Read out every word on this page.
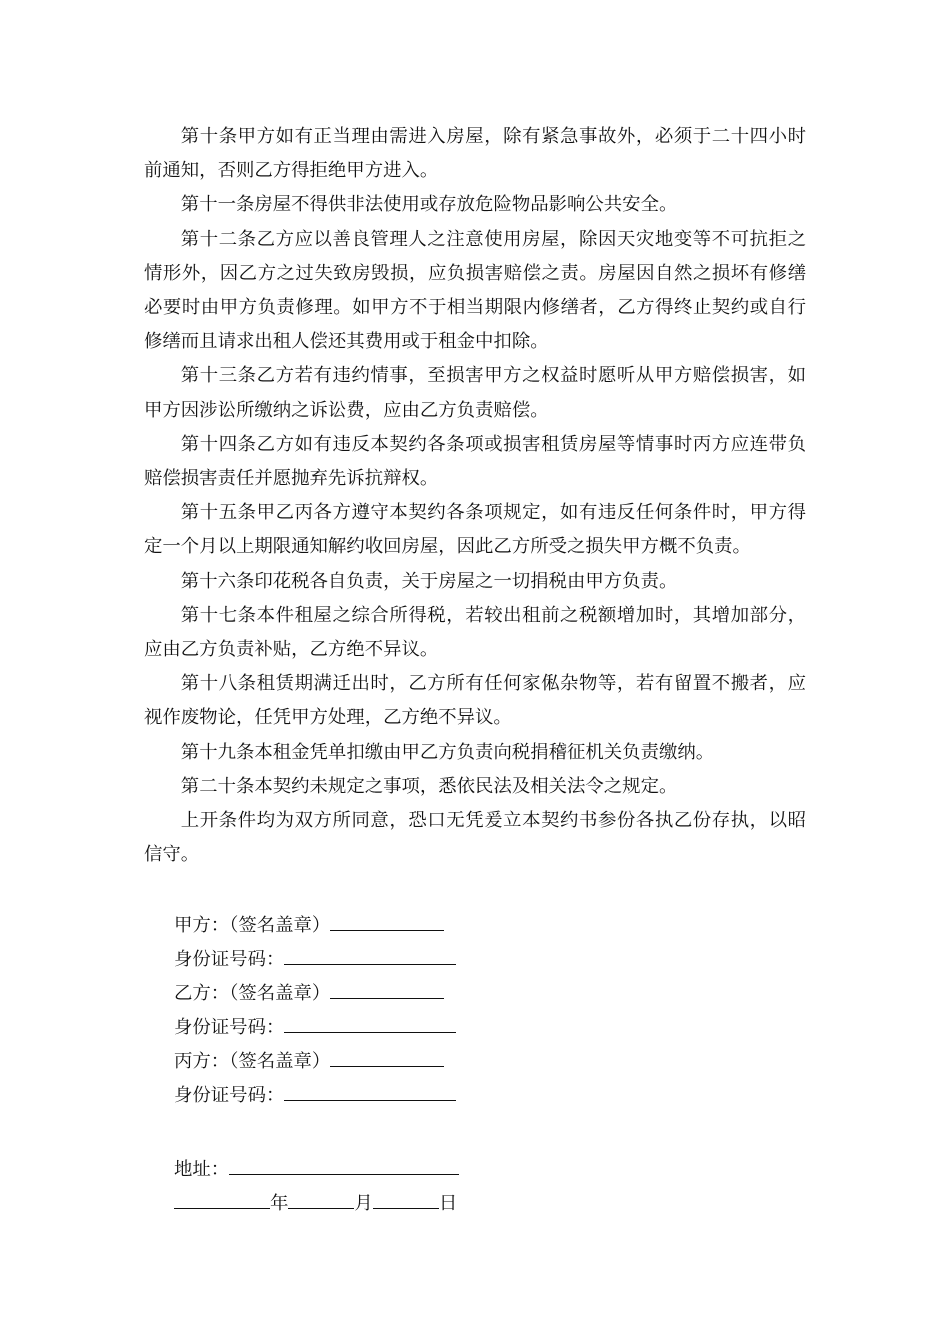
第十条甲方如有正当理由需进入房屋，除有紧急事故外，必须于二十四小时前通知，否则乙方得拒绝甲方进入。

第十一条房屋不得供非法使用或存放危险物品影响公共安全。

第十二条乙方应以善良管理人之注意使用房屋，除因天灾地变等不可抗拒之情形外，因乙方之过失致房毁损，应负损害赔偿之责。房屋因自然之损坏有修缮必要时由甲方负责修理。如甲方不于相当期限内修缮者，乙方得终止契约或自行修缮而且请求出租人偿还其费用或于租金中扣除。

第十三条乙方若有违约情事，至损害甲方之权益时愿听从甲方赔偿损害，如甲方因涉讼所缴纳之诉讼费，应由乙方负责赔偿。

第十四条乙方如有违反本契约各条项或损害租赁房屋等情事时丙方应连带负赔偿损害责任并愿抛弃先诉抗辩权。

第十五条甲乙丙各方遵守本契约各条项规定，如有违反任何条件时，甲方得定一个月以上期限通知解约收回房屋，因此乙方所受之损失甲方概不负责。

第十六条印花税各自负责，关于房屋之一切捐税由甲方负责。

第十七条本件租屋之综合所得税，若较出租前之税额增加时，其增加部分，应由乙方负责补贴，乙方绝不异议。

第十八条租赁期满迁出时，乙方所有任何家俬杂物等，若有留置不搬者，应视作废物论，任凭甲方处理，乙方绝不异议。

第十九条本租金凭单扣缴由甲乙方负责向税捐稽征机关负责缴纳。

第二十条本契约未规定之事项，悉依民法及相关法令之规定。

上开条件均为双方所同意，恐口无凭爰立本契约书参份各执乙份存执，以昭信守。

甲方：（签名盖章）
身份证号码：
乙方：（签名盖章）
身份证号码：
丙方：（签名盖章）
身份证号码：
地址：
年	月	日
